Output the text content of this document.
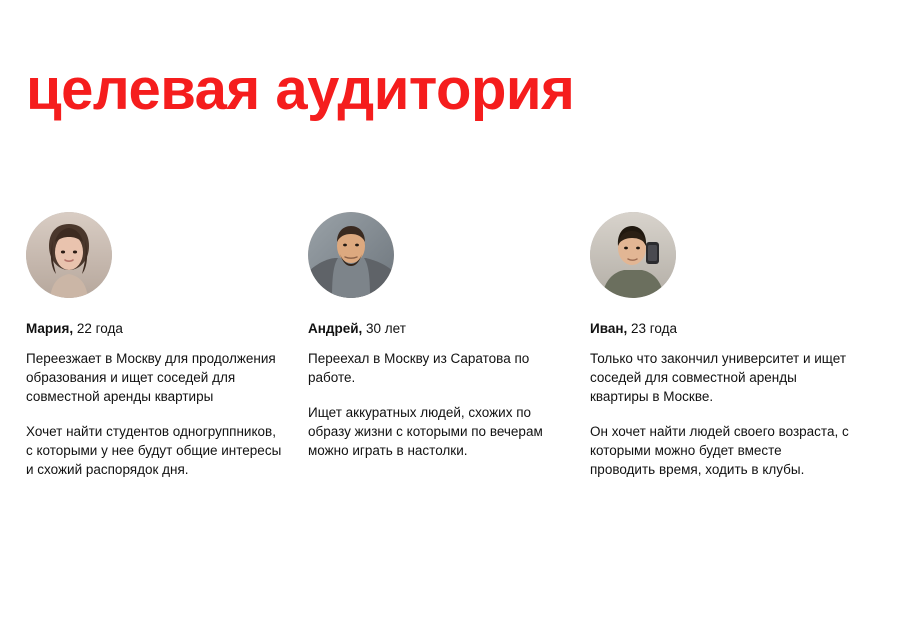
целевая аудитория
Мария, 22 года
Переезжает в Москву для продолжения образования и ищет соседей для совместной аренды квартиры
Хочет найти студентов одногруппников, с которыми у нее будут общие интересы и схожий распорядок дня.
Андрей, 30 лет
Переехал в Москву из Саратова по работе.
Ищет аккуратных людей, схожих по образу жизни с которыми по вечерам можно играть в настолки.
Иван, 23 года
Только что закончил университет и ищет соседей для совместной аренды квартиры в Москве.
Он хочет найти людей своего возраста, с которыми можно будет вместе проводить время, ходить в клубы.
